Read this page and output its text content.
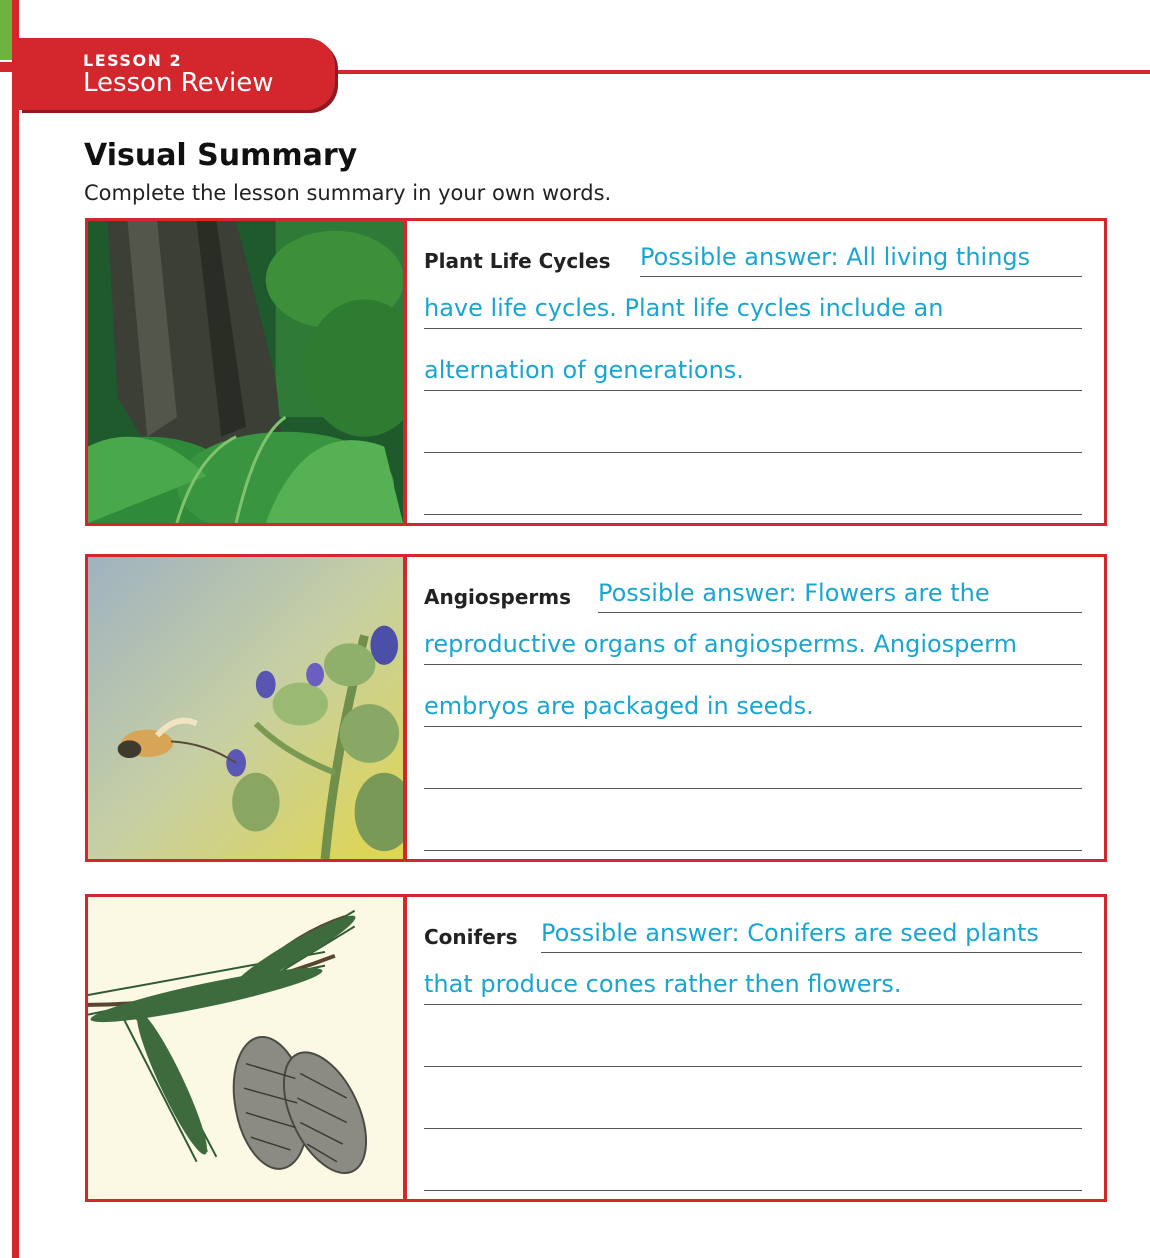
LESSON 2
Lesson Review
Visual Summary
Complete the lesson summary in your own words.
Plant Life Cycles Possible answer: All living things
have life cycles. Plant life cycles include an
alternation of generations.
Angiosperms Possible answer: Flowers are the
reproductive organs of angiosperms. Angiosperm
embryos are packaged in seeds.
Conifers Possible answer: Conifers are seed plants
that produce cones rather then flowers.
